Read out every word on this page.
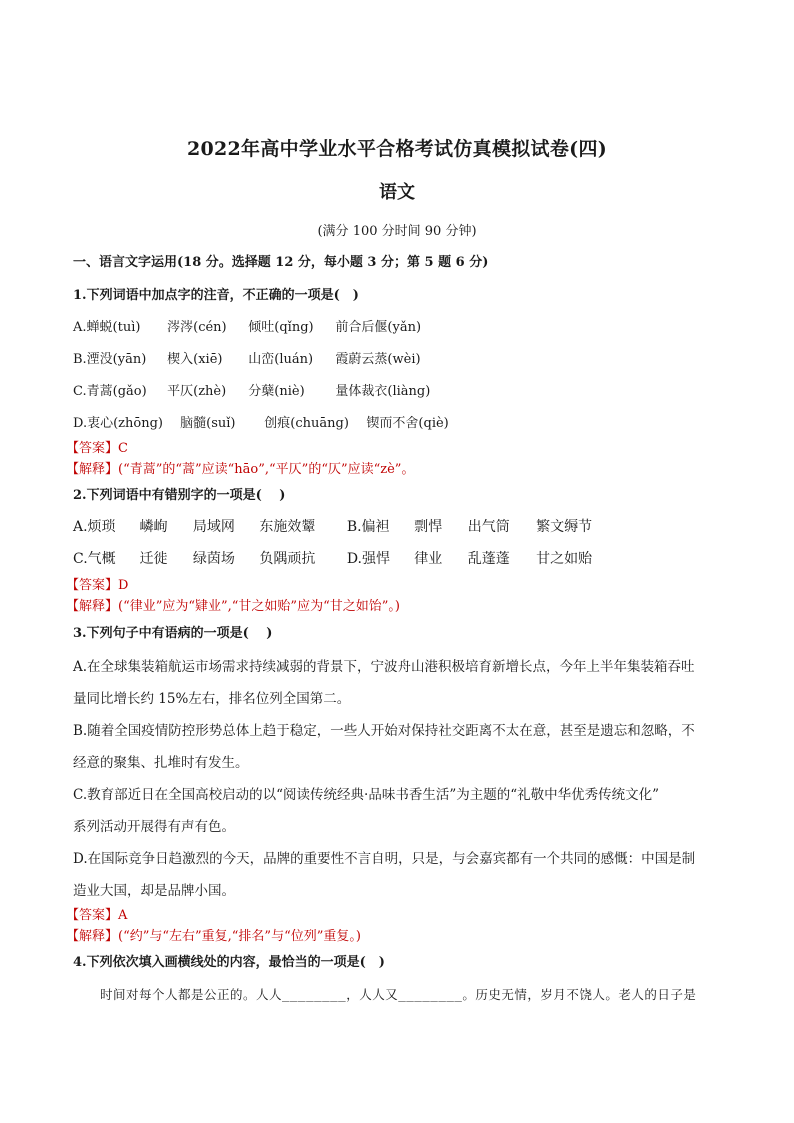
2022年高中学业水平合格考试仿真模拟试卷(四)
语文
(满分 100 分时间 90 分钟)
一、语言文字运用(18 分。选择题 12 分，每小题 3 分；第 5 题 6 分)
1.下列词语中加点字的注音，不正确的一项是(　)
A.蝉蜕(tuì) 涔涔(cén) 倾吐(qǐng) 前合后偃(yǎn)
B.湮没(yān) 楔入(xiē) 山峦(luán) 霞蔚云蒸(wèi)
C.青蒿(gǎo) 平仄(zhè) 分蘖(niè) 量体裁衣(liàng)
D.衷心(zhōng) 脑髓(suǐ) 创痕(chuāng) 锲而不舍(qiè)
【答案】C
【解释】(“青蒿”的“蒿”应读“hāo”,“平仄”的“仄”应读“zè”。
2.下列词语中有错别字的一项是(　 )
A.烦琐 嶙峋 局域网 东施效颦 B.偏袒 剽悍 出气筒 繁文缛节
C.气概 迁徙 绿茵场 负隅顽抗 D.强悍 律业 乱蓬蓬 甘之如贻
【答案】D
【解释】(“律业”应为“肄业”,“甘之如贻”应为“甘之如饴”。)
3.下列句子中有语病的一项是(　 )
A.在全球集装箱航运市场需求持续减弱的背景下，宁波舟山港积极培育新增长点，今年上半年集装箱吞吐
量同比增长约 15%左右，排名位列全国第二。
B.随着全国疫情防控形势总体上趋于稳定，一些人开始对保持社交距离不太在意，甚至是遗忘和忽略，不
经意的聚集、扎堆时有发生。
C.教育部近日在全国高校启动的以“阅读传统经典·品味书香生活”为主题的“礼敬中华优秀传统文化”
系列活动开展得有声有色。
D.在国际竞争日趋激烈的今天，品牌的重要性不言自明，只是，与会嘉宾都有一个共同的感慨：中国是制
造业大国，却是品牌小国。
【答案】A
【解释】(“约”与“左右”重复,“排名”与“位列”重复。)
4.下列依次填入画横线处的内容，最恰当的一项是(　)
时间对每个人都是公正的。人人________，人人又________。历史无情，岁月不饶人。老人的日子是
